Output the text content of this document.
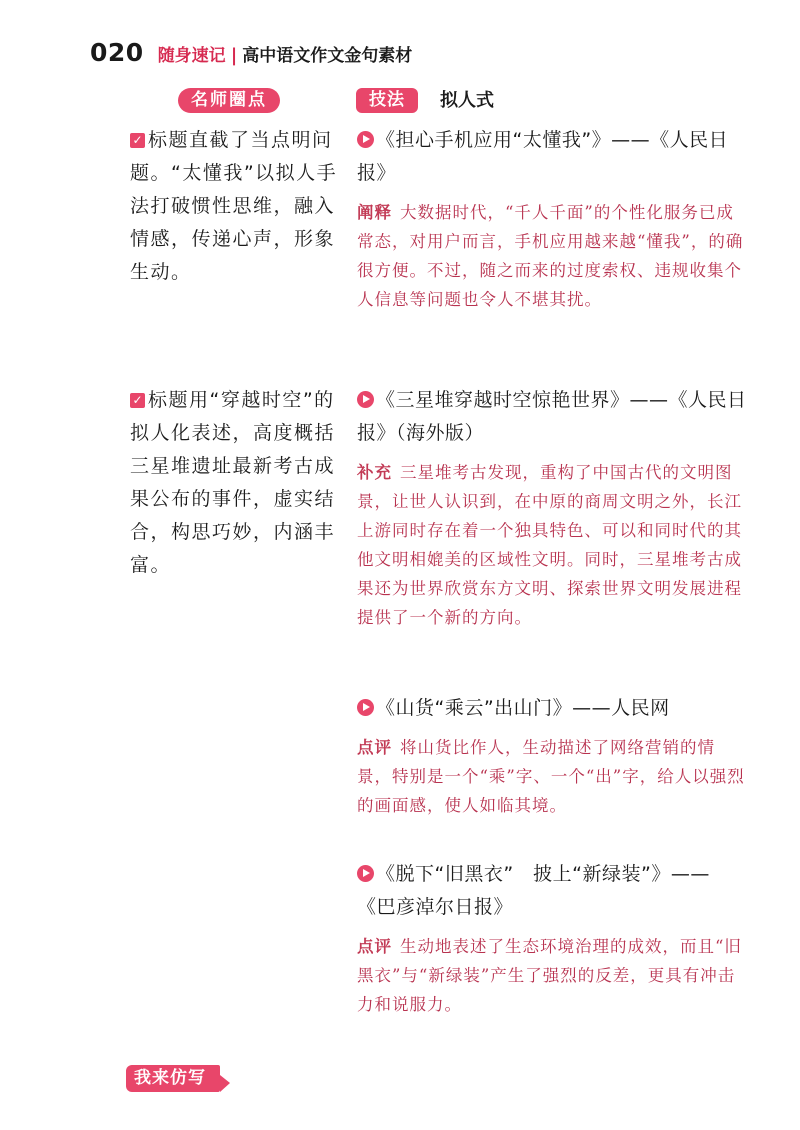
020 随身速记 | 高中语文作文金句素材
名师圈点	技法	拟人式
✓ 标题直截了当点明问题。“太懂我”以拟人手法打破惯性思维，融入情感，传递心声，形象生动。
✓ 标题用“穿越时空”的拟人化表述，高度概括三星堆遗址最新考古成果公布的事件，虚实结合，构思巧妙，内涵丰富。
《担心手机应用“太懂我”》——《人民日报》
阐释 大数据时代，“千人千面”的个性化服务已成常态，对用户而言，手机应用越来越“懂我”，的确很方便。不过，随之而来的过度索权、违规收集个人信息等问题也令人不堪其扰。
《三星堆穿越时空惊艳世界》——《人民日报》（海外版）
补充 三星堆考古发现，重构了中国古代的文明图景，让世人认识到，在中原的商周文明之外，长江上游同时存在着一个独具特色、可以和同时代的其他文明相媲美的区域性文明。同时，三星堆考古成果还为世界欣赏东方文明、探索世界文明发展进程提供了一个新的方向。
《山货“乘云”出山门》——人民网
点评 将山货比作人，生动描述了网络营销的情景，特别是一个“乘”字、一个“出”字，给人以强烈的画面感，使人如临其境。
《脱下“旧黑衣”　披上“新绿装”》——《巴彦淖尔日报》
点评 生动地表述了生态环境治理的成效，而且“旧黑衣”与“新绿装”产生了强烈的反差，更具有冲击力和说服力。
我来仿写
